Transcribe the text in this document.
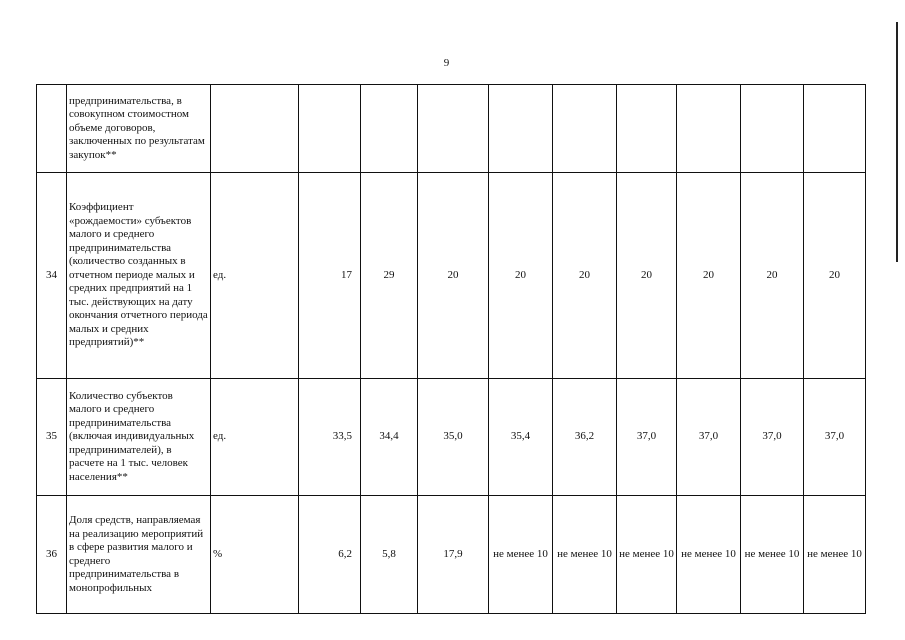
9
	предпринимательства, в совокупном стоимостном объеме договоров, заключенных по результатам закупок**										
34	Коэффициент «рождаемости» субъектов малого и среднего предпринимательства (количество созданных в отчетном периоде малых и средних предприятий на 1 тыс. действующих на дату окончания отчетного периода малых и средних предприятий)**	ед.	17	29	20	20	20	20	20	20	20
35	Количество субъектов малого и среднего предпринимательства (включая индивидуальных предпринимателей), в расчете на 1 тыс. человек населения**	ед.	33,5	34,4	35,0	35,4	36,2	37,0	37,0	37,0	37,0
36	Доля средств, направляемая на реализацию мероприятий в сфере развития малого и среднего предпринимательства в монопрофильных	%	6,2	5,8	17,9	не менее 10	не менее 10	не менее 10	не менее 10	не менее 10	не менее 10
